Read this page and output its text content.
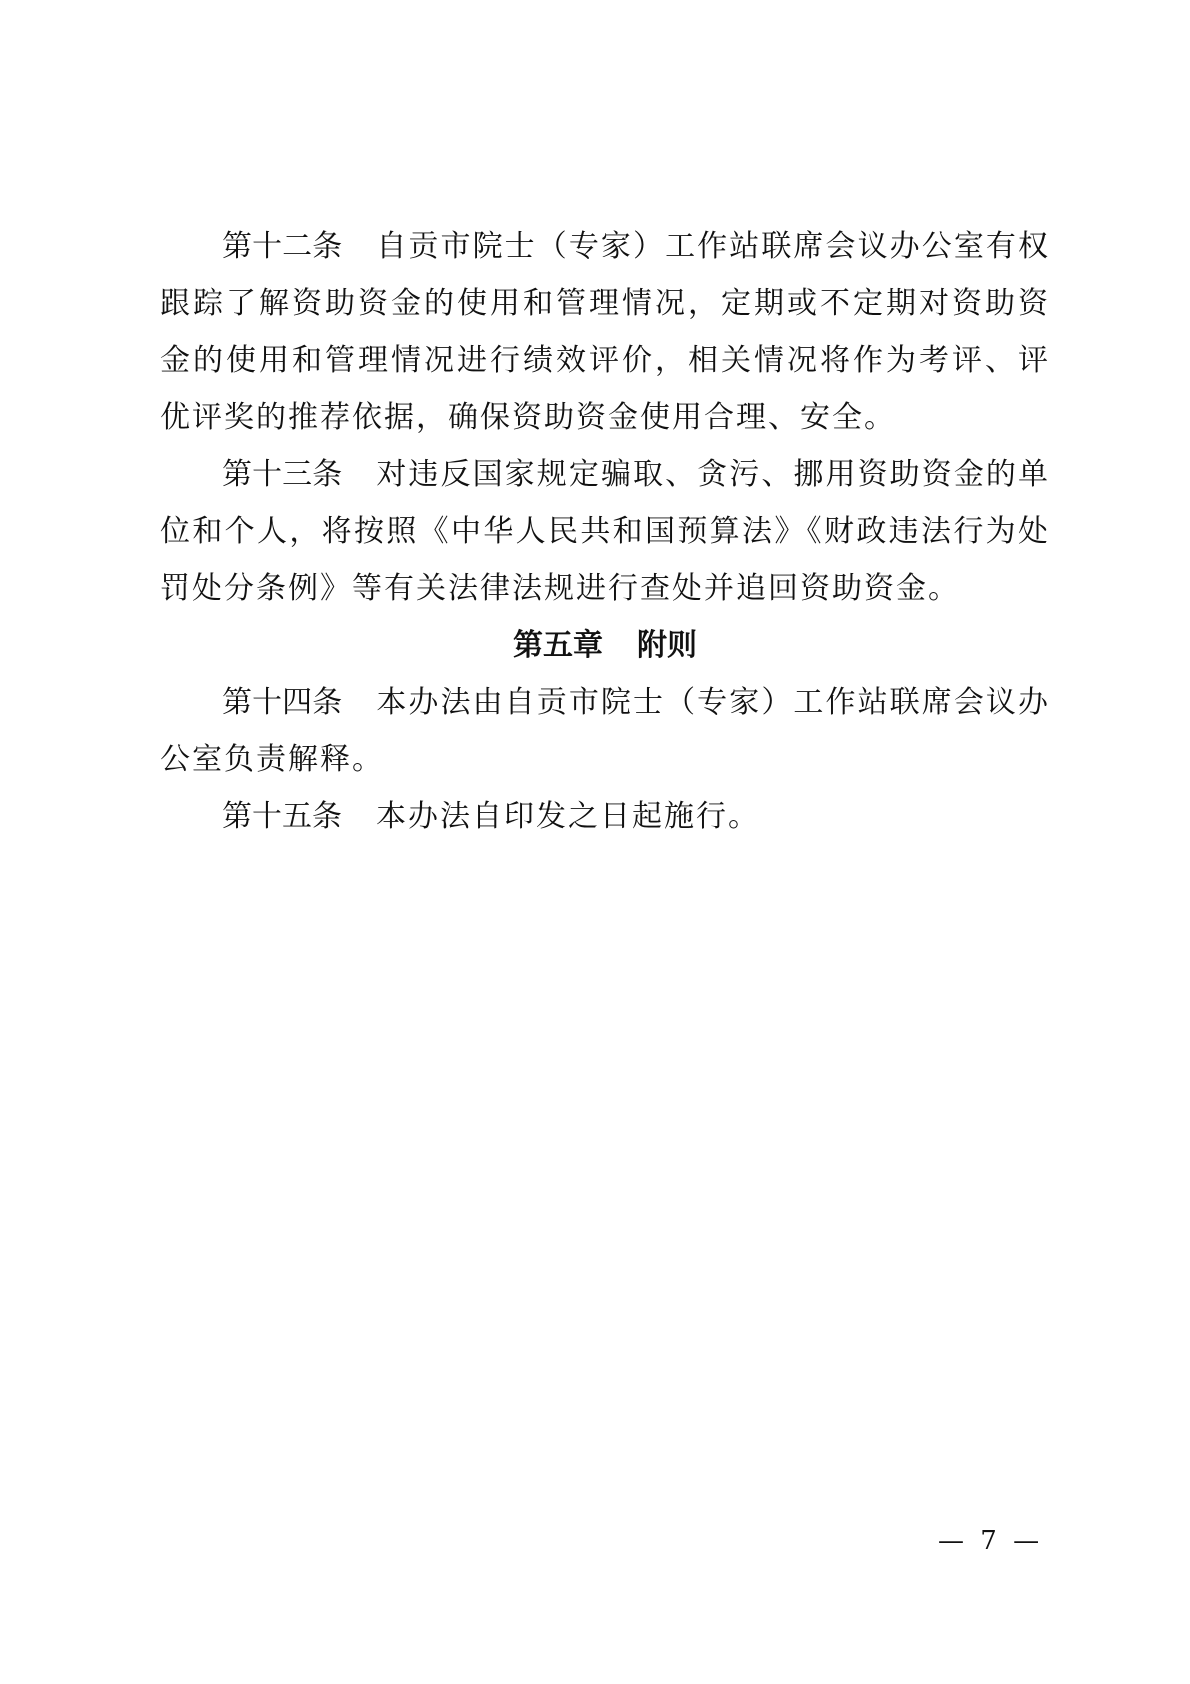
第十二条 自贡市院士（专家）工作站联席会议办公室有权跟踪了解资助资金的使用和管理情况，定期或不定期对资助资金的使用和管理情况进行绩效评价，相关情况将作为考评、评优评奖的推荐依据，确保资助资金使用合理、安全。

第十三条 对违反国家规定骗取、贪污、挪用资助资金的单位和个人，将按照《中华人民共和国预算法》《财政违法行为处罚处分条例》等有关法律法规进行查处并追回资助资金。

第五章 附则

第十四条 本办法由自贡市院士（专家）工作站联席会议办公室负责解释。

第十五条 本办法自印发之日起施行。

— 7 —
